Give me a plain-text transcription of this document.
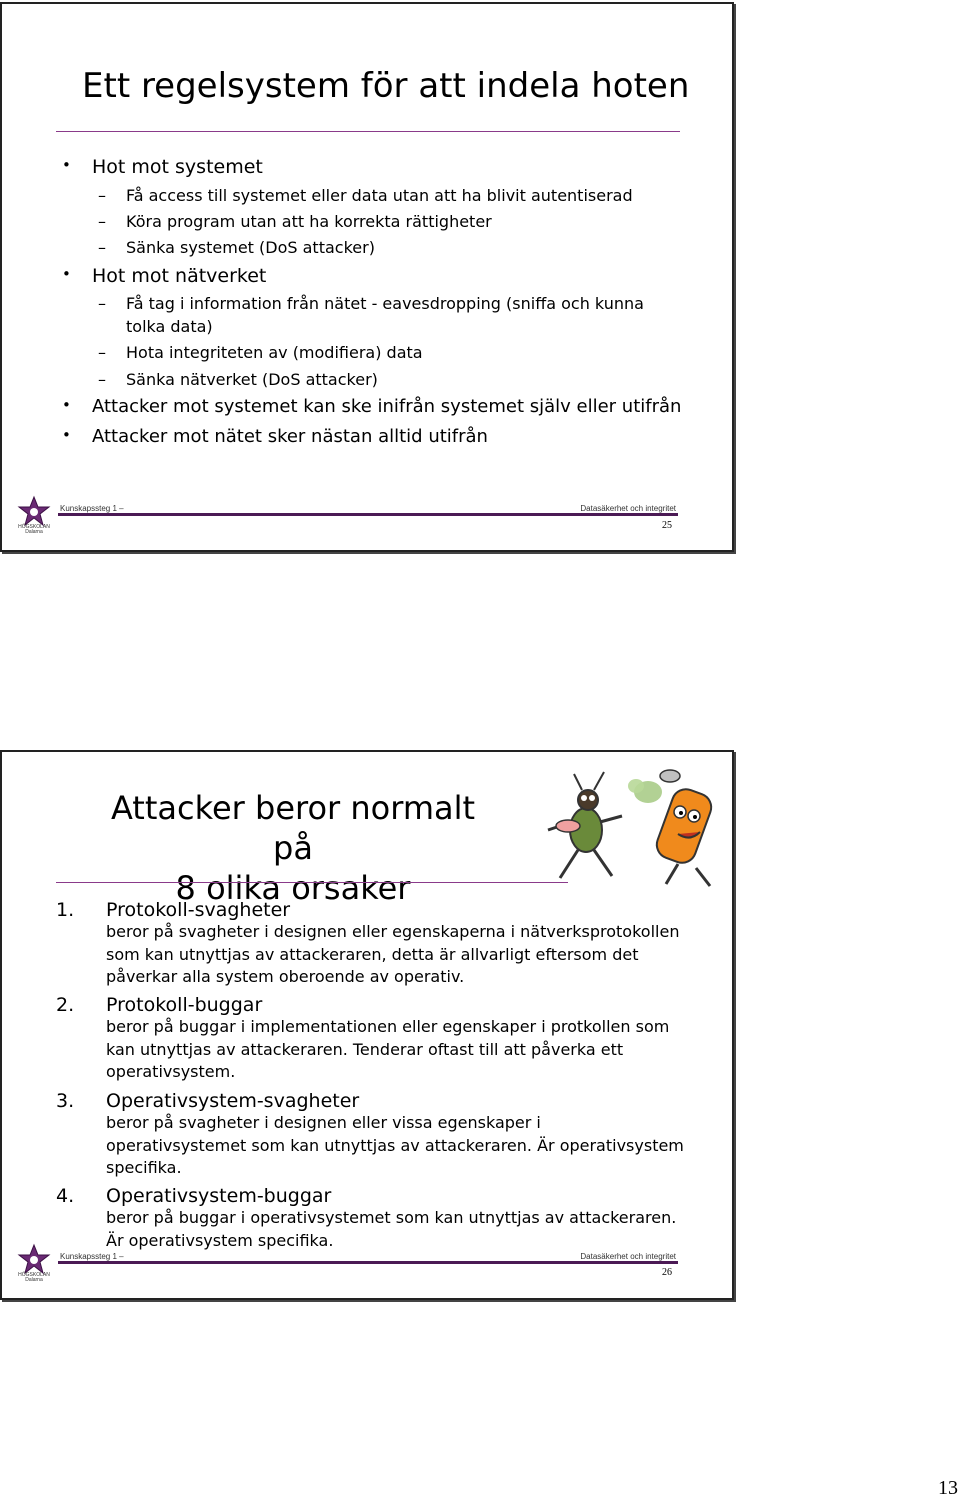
Ett regelsystem för att indela hoten
• Hot mot systemet
– Få access till systemet eller data utan att ha blivit autentiserad
– Köra program utan att ha korrekta rättigheter
– Sänka systemet (DoS attacker)
• Hot mot nätverket
– Få tag i information från nätet - eavesdropping (sniffa och kunna
tolka data)
– Hota integriteten av (modifiera) data
– Sänka nätverket (DoS attacker)
• Attacker mot systemet kan ske inifrån systemet själv eller utifrån
• Attacker mot nätet sker nästan alltid utifrån
HÖGSKOLAN
Dalarna
Kunskapssteg 1 –	Datasäkerhet och integritet
25
Attacker beror normalt på
8 olika orsaker
1. Protokoll-svagheter
beror på svagheter i designen eller egenskaperna i nätverksprotokollen
som kan utnyttjas av attackeraren, detta är allvarligt eftersom det
påverkar alla system oberoende av operativ.
2. Protokoll-buggar
beror på buggar i implementationen eller egenskaper i protkollen som
kan utnyttjas av attackeraren. Tenderar oftast till att påverka ett
operativsystem.
3. Operativsystem-svagheter
beror på svagheter i designen eller vissa egenskaper i
operativsystemet som kan utnyttjas av attackeraren. Är operativsystem
specifika.
4. Operativsystem-buggar
beror på buggar i operativsystemet som kan utnyttjas av attackeraren.
Är operativsystem specifika.
HÖGSKOLAN
Dalarna
Kunskapssteg 1 –	Datasäkerhet och integritet
26
13
